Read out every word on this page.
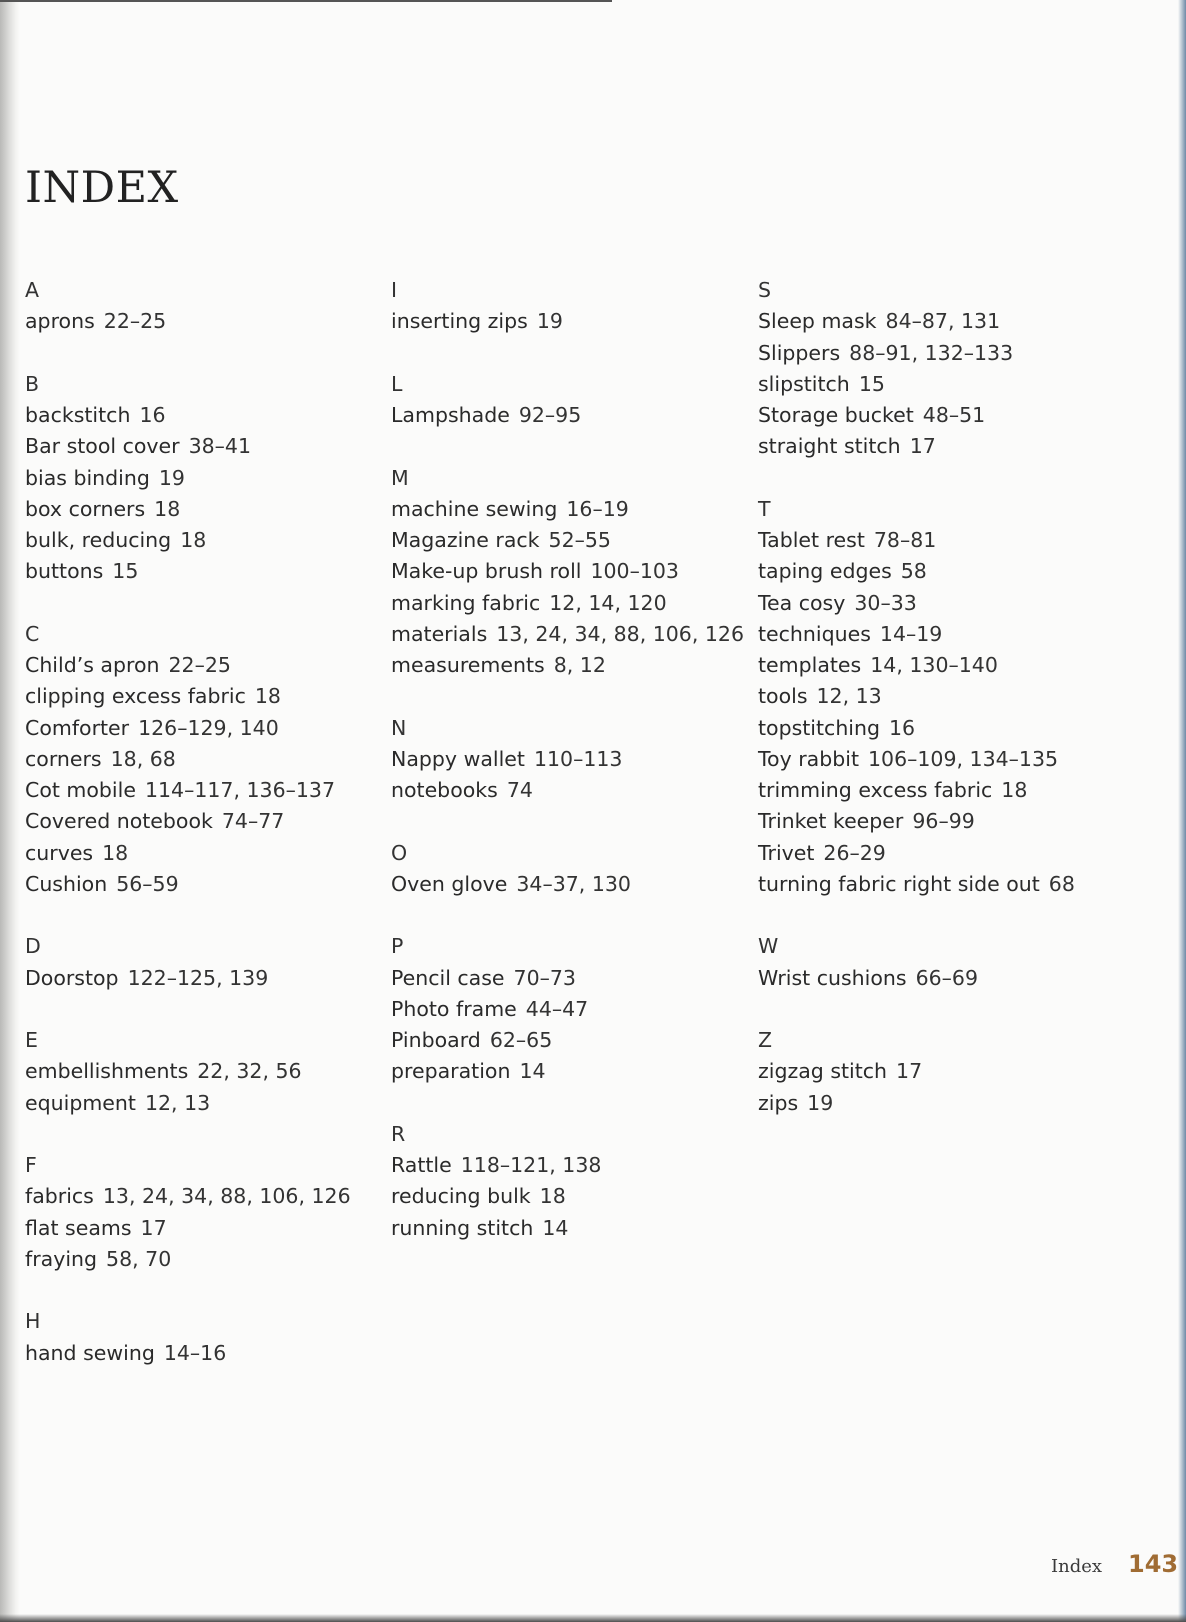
INDEX
A
aprons 22–25
B
backstitch 16
Bar stool cover 38–41
bias binding 19
box corners 18
bulk, reducing 18
buttons 15
C
Child’s apron 22–25
clipping excess fabric 18
Comforter 126–129, 140
corners 18, 68
Cot mobile 114–117, 136–137
Covered notebook 74–77
curves 18
Cushion 56–59
D
Doorstop 122–125, 139
E
embellishments 22, 32, 56
equipment 12, 13
F
fabrics 13, 24, 34, 88, 106, 126
flat seams 17
fraying 58, 70
H
hand sewing 14–16
I
inserting zips 19
L
Lampshade 92–95
M
machine sewing 16–19
Magazine rack 52–55
Make-up brush roll 100–103
marking fabric 12, 14, 120
materials 13, 24, 34, 88, 106, 126
measurements 8, 12
N
Nappy wallet 110–113
notebooks 74
O
Oven glove 34–37, 130
P
Pencil case 70–73
Photo frame 44–47
Pinboard 62–65
preparation 14
R
Rattle 118–121, 138
reducing bulk 18
running stitch 14
S
Sleep mask 84–87, 131
Slippers 88–91, 132–133
slipstitch 15
Storage bucket 48–51
straight stitch 17
T
Tablet rest 78–81
taping edges 58
Tea cosy 30–33
techniques 14–19
templates 14, 130–140
tools 12, 13
topstitching 16
Toy rabbit 106–109, 134–135
trimming excess fabric 18
Trinket keeper 96–99
Trivet 26–29
turning fabric right side out 68
W
Wrist cushions 66–69
Z
zigzag stitch 17
zips 19
Index 143
